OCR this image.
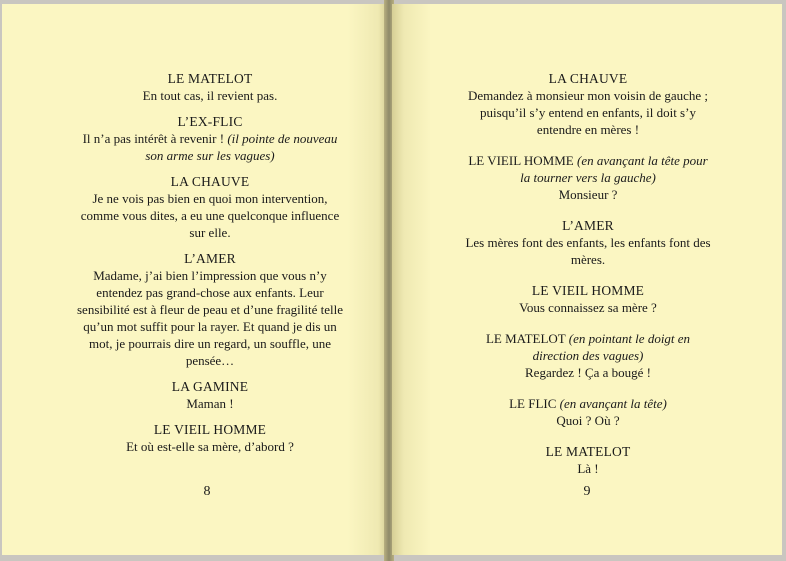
LE MATELOT
En tout cas, il revient pas.
L’EX-FLIC
Il n’a pas intérêt à revenir ! (il pointe de nouveau
son arme sur les vagues)
LA CHAUVE
Je ne vois pas bien en quoi mon intervention,
comme vous dites, a eu une quelconque influence
sur elle.
L’AMER
Madame, j’ai bien l’impression que vous n’y
entendez pas grand-chose aux enfants. Leur
sensibilité est à fleur de peau et d’une fragilité telle
qu’un mot suffit pour la rayer. Et quand je dis un
mot, je pourrais dire un regard, un souffle, une
pensée…
LA GAMINE
Maman !
LE VIEIL HOMME
Et où est-elle sa mère, d’abord ?
8
LA CHAUVE
Demandez à monsieur mon voisin de gauche ;
puisqu’il s’y entend en enfants, il doit s’y
entendre en mères !
LE VIEIL HOMME (en avançant la tête pour
la tourner vers la gauche)
Monsieur ?
L’AMER
Les mères font des enfants, les enfants font des
mères.
LE VIEIL HOMME
Vous connaissez sa mère ?
LE MATELOT (en pointant le doigt en
direction des vagues)
Regardez ! Ça a bougé !
LE FLIC (en avançant la tête)
Quoi ? Où ?
LE MATELOT
Là !
9
